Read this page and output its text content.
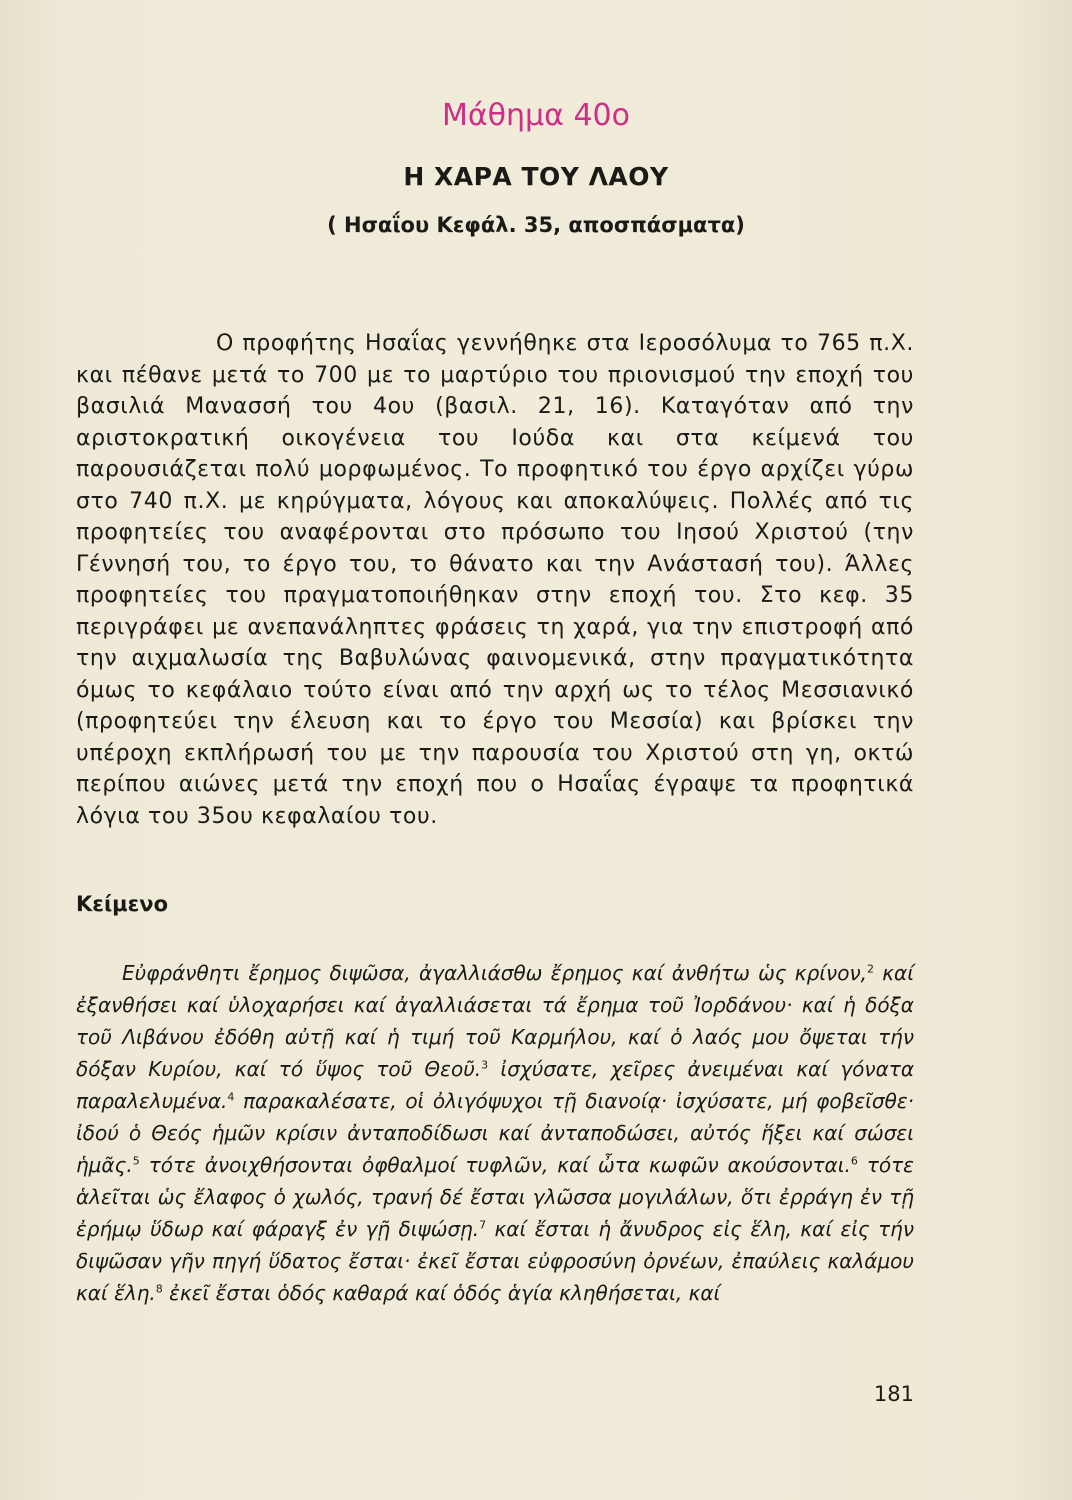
Μάθημα 40ο
Η ΧΑΡΑ ΤΟΥ ΛΑΟΥ

( Ησαΐου Κεφάλ. 35, αποσπάσματα)

Ο προφήτης Ησαΐας γεννήθηκε στα Ιεροσόλυμα το 765 π.Χ. και πέθανε μετά το 700 με το μαρτύριο του πριονισμού την εποχή του βασιλιά Μανασσή του 4ου (βασιλ. 21, 16). Καταγόταν από την αριστοκρατική οικογένεια του Ιούδα και στα κείμενά του παρουσιάζεται πολύ μορφωμένος. Το προφητικό του έργο αρχίζει γύρω στο 740 π.Χ. με κηρύγματα, λόγους και αποκαλύψεις. Πολλές από τις προφητείες του αναφέρονται στο πρόσωπο του Ιησού Χριστού (την Γέννησή του, το έργο του, το θάνατο και την Ανάστασή του). Άλλες προφητείες του πραγματοποιήθηκαν στην εποχή του. Στο κεφ. 35 περιγράφει με ανεπανάληπτες φράσεις τη χαρά, για την επιστροφή από την αιχμαλωσία της Βαβυλώνας φαινομενικά, στην πραγματικότητα όμως το κεφάλαιο τούτο είναι από την αρχή ως το τέλος Μεσσιανικό (προφητεύει την έλευση και το έργο του Μεσσία) και βρίσκει την υπέροχη εκπλήρωσή του με την παρουσία του Χριστού στη γη, οκτώ περίπου αιώνες μετά την εποχή που ο Ησαΐας έγραψε τα προφητικά λόγια του 35ου κεφαλαίου του.

Κείμενο

Εὐφράνθητι ἔρημος διψῶσα, ἀγαλλιάσθω ἔρημος καί ἀνθήτω ὡς κρίνον,$^2$ καί ἐξανθήσει καί ὑλοχαρήσει καί ἀγαλλιάσεται τά ἔρημα τοῦ Ἰορδάνου· καί ἡ δόξα τοῦ Λιβάνου ἐδόθη αὐτῇ καί ἡ τιμή τοῦ Καρμήλου, καί ὁ λαός μου ὄψεται τήν δόξαν Κυρίου, καί τό ὕψος τοῦ Θεοῦ.$^3$ ἰσχύσατε, χεῖρες ἀνειμέναι καί γόνατα παραλελυμένα.$^4$ παρακαλέσατε, οἱ ὀλιγόψυχοι τῇ διανοίᾳ· ἰσχύσατε, μή φοβεῖσθε· ἰδού ὁ Θεός ἡμῶν κρίσιν ἀνταποδίδωσι καί ἀνταποδώσει, αὐτός ἥξει καί σώσει ἡμᾶς.$^5$ τότε ἀνοιχθήσονται ὀφθαλμοί τυφλῶν, καί ὦτα κωφῶν ακούσονται.$^6$ τότε ἁλεῖται ὡς ἔλαφος ὁ χωλός, τρανή δέ ἔσται γλῶσσα μογιλάλων, ὅτι ἐρράγη ἐν τῇ ἐρήμῳ ὕδωρ καί φάραγξ ἐν γῇ διψώσῃ.$^7$ καί ἔσται ἡ ἄνυδρος εἰς ἕλη, καί εἰς τήν διψῶσαν γῆν πηγή ὕδατος ἔσται· ἐκεῖ ἔσται εὐφροσύνη ὀρνέων, ἐπαύλεις καλάμου καί ἕλη.$^8$ ἐκεῖ ἔσται ὁδός καθαρά καί ὁδός ἁγία κληθήσεται, καί

181
